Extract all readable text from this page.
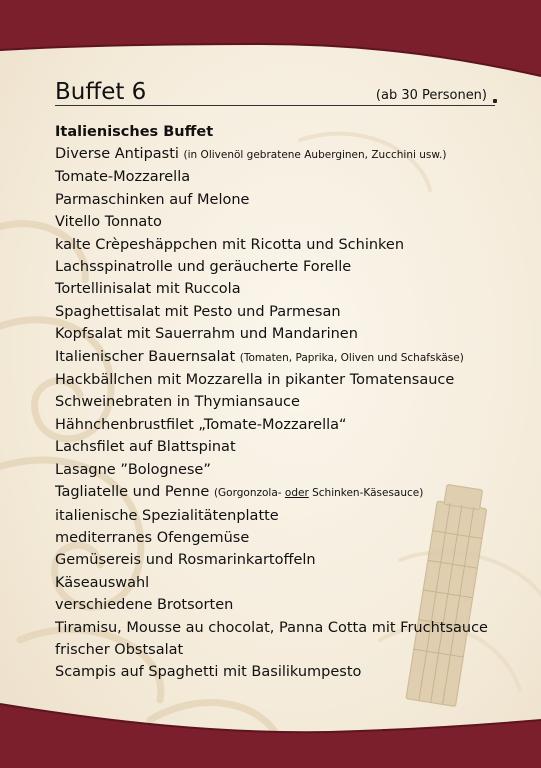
Buffet 6	(ab 30 Personen)
Italienisches Buffet
Diverse Antipasti (in Olivenöl gebratene Auberginen, Zucchini usw.)
Tomate-Mozzarella
Parmaschinken auf Melone
Vitello Tonnato
kalte Crèpeshäppchen mit Ricotta und Schinken
Lachsspinatrolle und geräucherte Forelle
Tortellinisalat mit Ruccola
Spaghettisalat mit Pesto und Parmesan
Kopfsalat mit Sauerrahm und Mandarinen
Italienischer Bauernsalat (Tomaten, Paprika, Oliven und Schafskäse)
Hackbällchen mit Mozzarella in pikanter Tomatensauce
Schweinebraten in Thymiansauce
Hähnchenbrustfilet „Tomate-Mozzarella“
Lachsfilet auf Blattspinat
Lasagne ”Bolognese”
Tagliatelle und Penne (Gorgonzola- oder Schinken-Käsesauce)
italienische Spezialitätenplatte
mediterranes Ofengemüse
Gemüsereis und Rosmarinkartoffeln
Käseauswahl
verschiedene Brotsorten
Tiramisu, Mousse au chocolat, Panna Cotta mit Fruchtsauce
frischer Obstsalat
Scampis auf Spaghetti mit Basilikumpesto
